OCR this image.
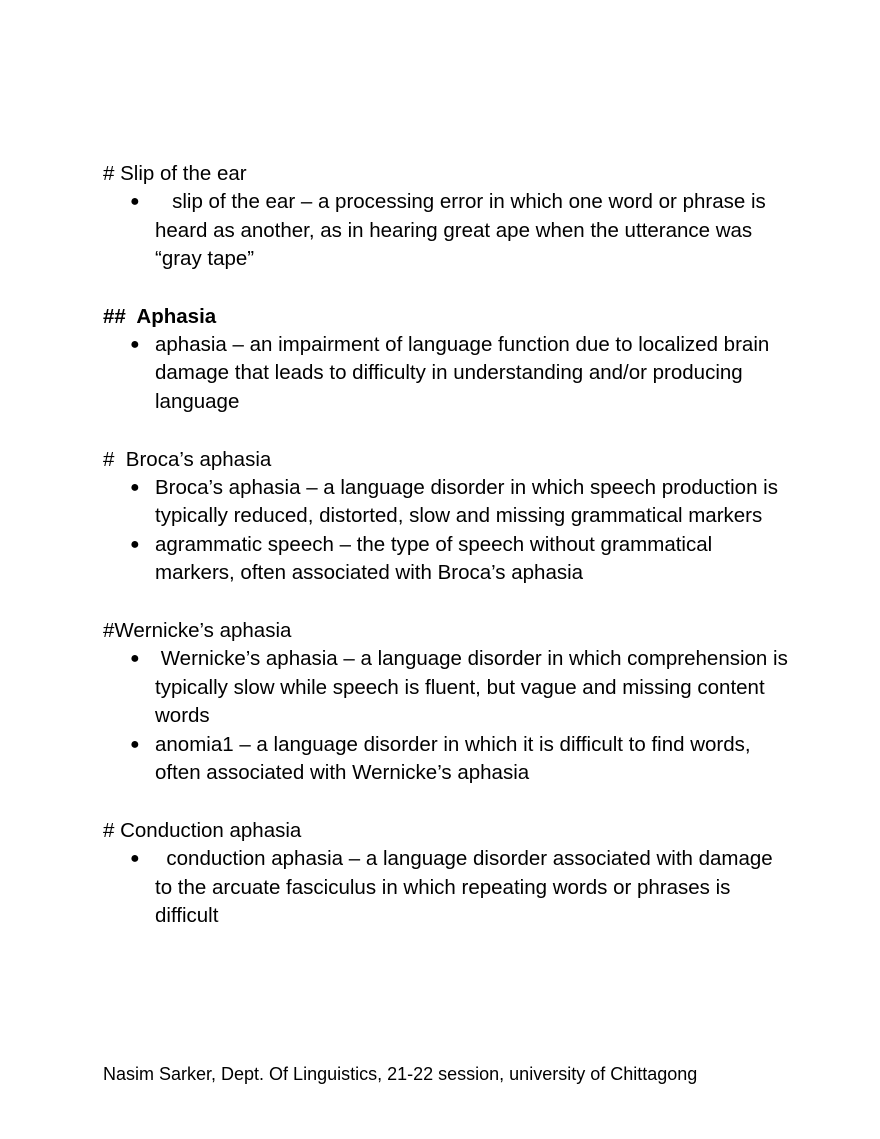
# Slip of the ear

● slip of the ear – a processing error in which one word or phrase is heard as another, as in hearing great ape when the utterance was “gray tape”

##  Aphasia

● aphasia – an impairment of language function due to localized brain damage that leads to difficulty in understanding and/or producing language

#  Broca’s aphasia

● Broca’s aphasia – a language disorder in which speech production is typically reduced, distorted, slow and missing grammatical markers
● agrammatic speech – the type of speech without grammatical markers, often associated with Broca’s aphasia

#Wernicke’s aphasia

● Wernicke’s aphasia – a language disorder in which comprehension is typically slow while speech is fluent, but vague and missing content words
● anomia1 – a language disorder in which it is difficult to find words, often associated with Wernicke’s aphasia

# Conduction aphasia

● conduction aphasia – a language disorder associated with damage to the arcuate fasciculus in which repeating words or phrases is difficult
Nasim Sarker, Dept. Of Linguistics, 21-22 session, university of Chittagong
